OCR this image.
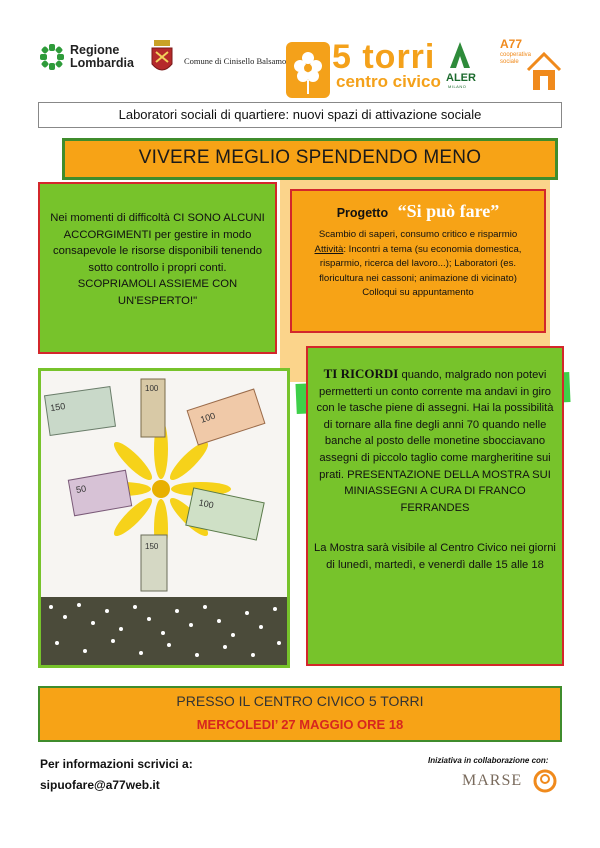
Regione
Lombardia	Comune di Cinisello Balsamo 5 torri
centro civico ALER
MILANO
A77
cooperativa sociale
Laboratori sociali di quartiere: nuovi spazi di attivazione sociale
VIVERE MEGLIO SPENDENDO MENO
Nei momenti di difficoltà CI SONO ALCUNI ACCORGIMENTI per gestire in modo consapevole le risorse disponibili tenendo sotto controllo i propri conti. SCOPRIAMOLI ASSIEME CON UN'ESPERTO!"
Progetto “Si può fare”
Scambio di saperi, consumo critico e risparmio
Attività: Incontri a tema (su economia domestica, risparmio, ricerca del lavoro...); Laboratori (es. floricultura nei cassoni; animazione di vicinato)
Colloqui su appuntamento
150
100
100
50
100
150
TI RICORDI quando, malgrado non potevi permetterti un conto corrente ma andavi in giro con le tasche piene di assegni. Hai la possibilità di tornare alla fine degli anni 70 quando nelle banche al posto delle monetine sbocciavano assegni di piccolo taglio come margheritine sui prati. PRESENTAZIONE DELLA MOSTRA SUI MINIASSEGNI A CURA DI FRANCO FERRANDES
La Mostra sarà visibile al Centro Civico nei giorni di lunedì, martedì, e venerdì dalle 15 alle 18
PRESSO IL CENTRO CIVICO 5 TORRI
MERCOLEDI’ 27 MAGGIO ORE 18
Per informazioni scrivici a:
sipuofare@a77web.it
Iniziativa in collaborazione con:
MARSE
